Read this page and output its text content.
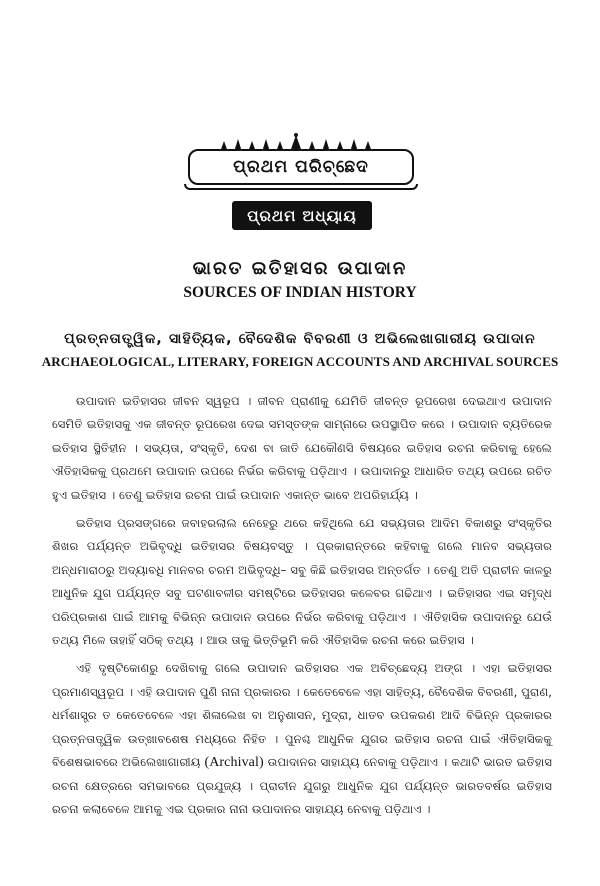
ପ୍ରଥମ ପରିଚ୍ଛେଦ
ପ୍ରଥମ ଅଧ୍ୟାୟ
ଭାରତ ଇତିହାସର ଉପାଦାନ
SOURCES OF INDIAN HISTORY
ପ୍ରତ୍ନତାତ୍ତ୍ୱିକ, ସାହିତ୍ୟିକ, ବୈଦେଶିକ ବିବରଣୀ ଓ ଅଭିଲେଖାଗାରୀୟ ଉପାଦାନ
ARCHAEOLOGICAL, LITERARY, FOREIGN ACCOUNTS AND ARCHIVAL SOURCES

ଉପାଦାନ ଇତିହାସର ଜୀବନ ସ୍ୱରୂପ । ଜୀବନ ପ୍ରାଣୀକୁ ଯେମିତି ଜୀବନ୍ତ ରୂପରେଖ ଦେଇଥାଏ ଉପାଦାନ ସେମିତି ଇତିହାସକୁ ଏକ ଜୀବନ୍ତ ରୂପରେଖ ଦେଇ ସମସ୍ତଙ୍କ ସାମ୍ନାରେ ଉପସ୍ଥାପିତ କରେ । ଉପାଦାନ ବ୍ୟତିରେକ ଇତିହାସ ସ୍ଥିତିହୀନ । ସଭ୍ୟତା, ସଂସ୍କୃତି, ଦେଶ ବା ଜାତି ଯେକୌଣସି ବିଷୟରେ ଇତିହାସ ରଚନା କରିବାକୁ ହେଲେ ଐତିହାସିକକୁ ପ୍ରଥମେ ଉପାଦାନ ଉପରେ ନିର୍ଭର କରିବାକୁ ପଡ଼ିଥାଏ । ଉପାଦାନରୁ ଆଧାରିତ ତଥ୍ୟ ଉପରେ ରଚିତ ହୁଏ ଇତିହାସ । ତେଣୁ ଇତିହାସ ରଚନା ପାଇଁ ଉପାଦାନ ଏକାନ୍ତ ଭାବେ ଅପରିହାର୍ଯ୍ୟ ।

ଇତିହାସ ପ୍ରସଙ୍ଗରେ ଜବାହରଲାଲ ନେହେରୁ ଥରେ କହିଥିଲେ ଯେ ସଭ୍ୟତାର ଆଦିମ ବିକାଶରୁ ସଂସ୍କୃତିର ଶିଖର ପର୍ଯ୍ୟନ୍ତ ଅଭିବୃଦ୍ଧି ଇତିହାସର ବିଷୟବସ୍ତୁ । ପ୍ରକାରାନ୍ତରେ କହିବାକୁ ଗଲେ ମାନବ ସଭ୍ୟତାର ଅନ୍ଧମାରାଠରୁ ଅଦ୍ୟାବଧି ମାନବର ଚରମ ଅଭିବୃଦ୍ଧି– ସବୁ କିଛି ଇତିହାସର ଅନ୍ତର୍ଗତ । ତେଣୁ ଅତି ପ୍ରାଚୀନ କାଳରୁ ଆଧୁନିକ ଯୁଗ ପର୍ଯ୍ୟନ୍ତ ସବୁ ଘଟଣାବଳୀର ସମଷ୍ଟିରେ ଇତିହାସର କଳେବର ଗଢିଥାଏ । ଇତିହାସର ଏଇ ସମୃଦ୍ଧ ପରିପ୍ରକାଶ ପାଇଁ ଆମକୁ ବିଭିନ୍ନ ଉପାଦାନ ଉପରେ ନିର୍ଭର କରିବାକୁ ପଡ଼ିଥାଏ । ଐତିହାସିକ ଉପାଦାନରୁ ଯେଉଁ ତଥ୍ୟ ମିଳେ ତାହାହିଁ ସଠିକ୍ ତଥ୍ୟ । ଆଉ ତାକୁ ଭିତ୍ତିଭୂମି କରି ଐତିହାସିକ ରଚନା କରେ ଇତିହାସ ।

ଏହି ଦୃଷ୍ଟିକୋଣରୁ ଦେଖିବାକୁ ଗଲେ ଉପାଦାନ ଇତିହାସର ଏକ ଅବିଚ୍ଛେଦ୍ୟ ଅଙ୍ଗ । ଏହା ଇତିହାସର ପ୍ରମାଣସ୍ୱରୂପ । ଏହି ଉପାଦାନ ପୁଣି ନାନା ପ୍ରକାରର । କେତେବେଳେ ଏହା ସାହିତ୍ୟ, ବୈଦେଶିକ ବିବରଣୀ, ପୁରାଣ, ଧର୍ମଶାସ୍ତ୍ର ତ କେତେବେଳେ ଏହା ଶିଳାଲେଖ ବା ଅନୁଶାସନ, ମୁଦ୍ରା, ଧାତବ ଉପକରଣ ଆଦି ବିଭିନ୍ନ ପ୍ରକାରର ପ୍ରତ୍ନତାତ୍ତ୍ୱିକ ଉତ୍ଖାବଶେଷ ମଧ୍ୟରେ ନିହିତ । ପୁନଶ୍ଚ ଆଧୁନିକ ଯୁଗର ଇତିହାସ ରଚନା ପାଇଁ ଐତିହାସିକକୁ ବିଶେଷଭାବରେ ଅଭିଲେଖାଗାରୀୟ (Archival) ଉପାଦାନର ସାହାଯ୍ୟ ନେବାକୁ ପଡ଼ିଥାଏ । କଥାଟି ଭାରତ ଇତିହାସ ରଚନା କ୍ଷେତ୍ରରେ ସମଭାବରେ ପ୍ରଯୁଜ୍ୟ । ପ୍ରାଚୀନ ଯୁଗରୁ ଆଧୁନିକ ଯୁଗ ପର୍ଯ୍ୟନ୍ତ ଭାରତବର୍ଷର ଇତିହାସ ରଚନା କଲାବେଳେ ଆମକୁ ଏଇ ପ୍ରକାର ନାନା ଉପାଦାନର ସାହାଯ୍ୟ ନେବାକୁ ପଡ଼ିଥାଏ ।
